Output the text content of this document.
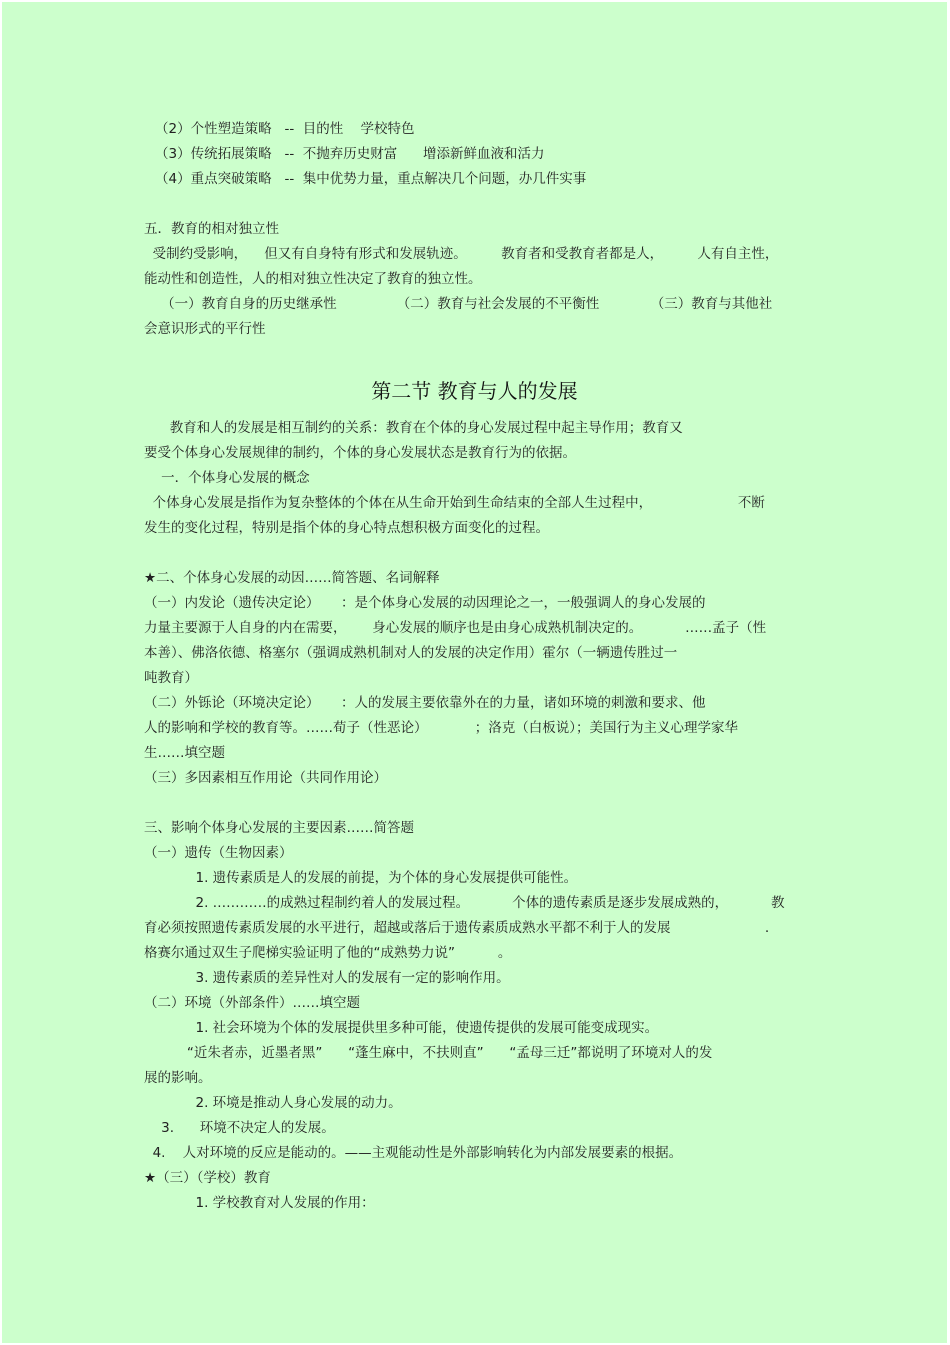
（2）个性塑造策略   --  目的性    学校特色
（3）传统拓展策略   --  不抛弃历史财富      增添新鲜血液和活力
（4）重点突破策略   --  集中优势力量，重点解决几个问题，办几件实事
五．教育的相对独立性
受制约受影响，    但又有自身特有形式和发展轨迹。        教育者和受教育者都是人，        人有自主性，
能动性和创造性，人的相对独立性决定了教育的独立性。
（一）教育自身的历史继承性              （二）教育与社会发展的不平衡性            （三）教育与其他社
会意识形式的平行性
第二节 教育与人的发展
教育和人的发展是相互制约的关系：教育在个体的身心发展过程中起主导作用；教育又
要受个体身心发展规律的制约，个体的身心发展状态是教育行为的依据。
一．个体身心发展的概念
个体身心发展是指作为复杂整体的个体在从生命开始到生命结束的全部人生过程中，                    不断
发生的变化过程，特别是指个体的身心特点想积极方面变化的过程。
★二、个体身心发展的动因……简答题、名词解释
（一）内发论（遗传决定论）     ：是个体身心发展的动因理论之一，一般强调人的身心发展的
力量主要源于人自身的内在需要，      身心发展的顺序也是由身心成熟机制决定的。          ……孟子（性
本善）、佛洛依德、格塞尔（强调成熟机制对人的发展的决定作用）霍尔（一辆遗传胜过一
吨教育）
（二）外铄论（环境决定论）     ：人的发展主要依靠外在的力量，诸如环境的刺激和要求、他
人的影响和学校的教育等。……荀子（性恶论）           ；洛克（白板说）；美国行为主义心理学家华
生……填空题
（三）多因素相互作用论（共同作用论）
三、影响个体身心发展的主要因素……简答题
（一）遗传（生物因素）
1. 遗传素质是人的发展的前提，为个体的身心发展提供可能性。
2. …………的成熟过程制约着人的发展过程。          个体的遗传素质是逐步发展成熟的，          教
育必须按照遗传素质发展的水平进行，超越或落后于遗传素质成熟水平都不利于人的发展                      .
格赛尔通过双生子爬梯实验证明了他的“成熟势力说”          。
3. 遗传素质的差异性对人的发展有一定的影响作用。
（二）环境（外部条件）……填空题
1. 社会环境为个体的发展提供里多种可能，使遗传提供的发展可能变成现实。
“近朱者赤，近墨者黑”      “蓬生麻中，不扶则直”      “孟母三迁”都说明了环境对人的发
展的影响。
2. 环境是推动人身心发展的动力。
3.      环境不决定人的发展。
4.    人对环境的反应是能动的。——主观能动性是外部影响转化为内部发展要素的根据。
★（三）（学校）教育
1. 学校教育对人发展的作用：
